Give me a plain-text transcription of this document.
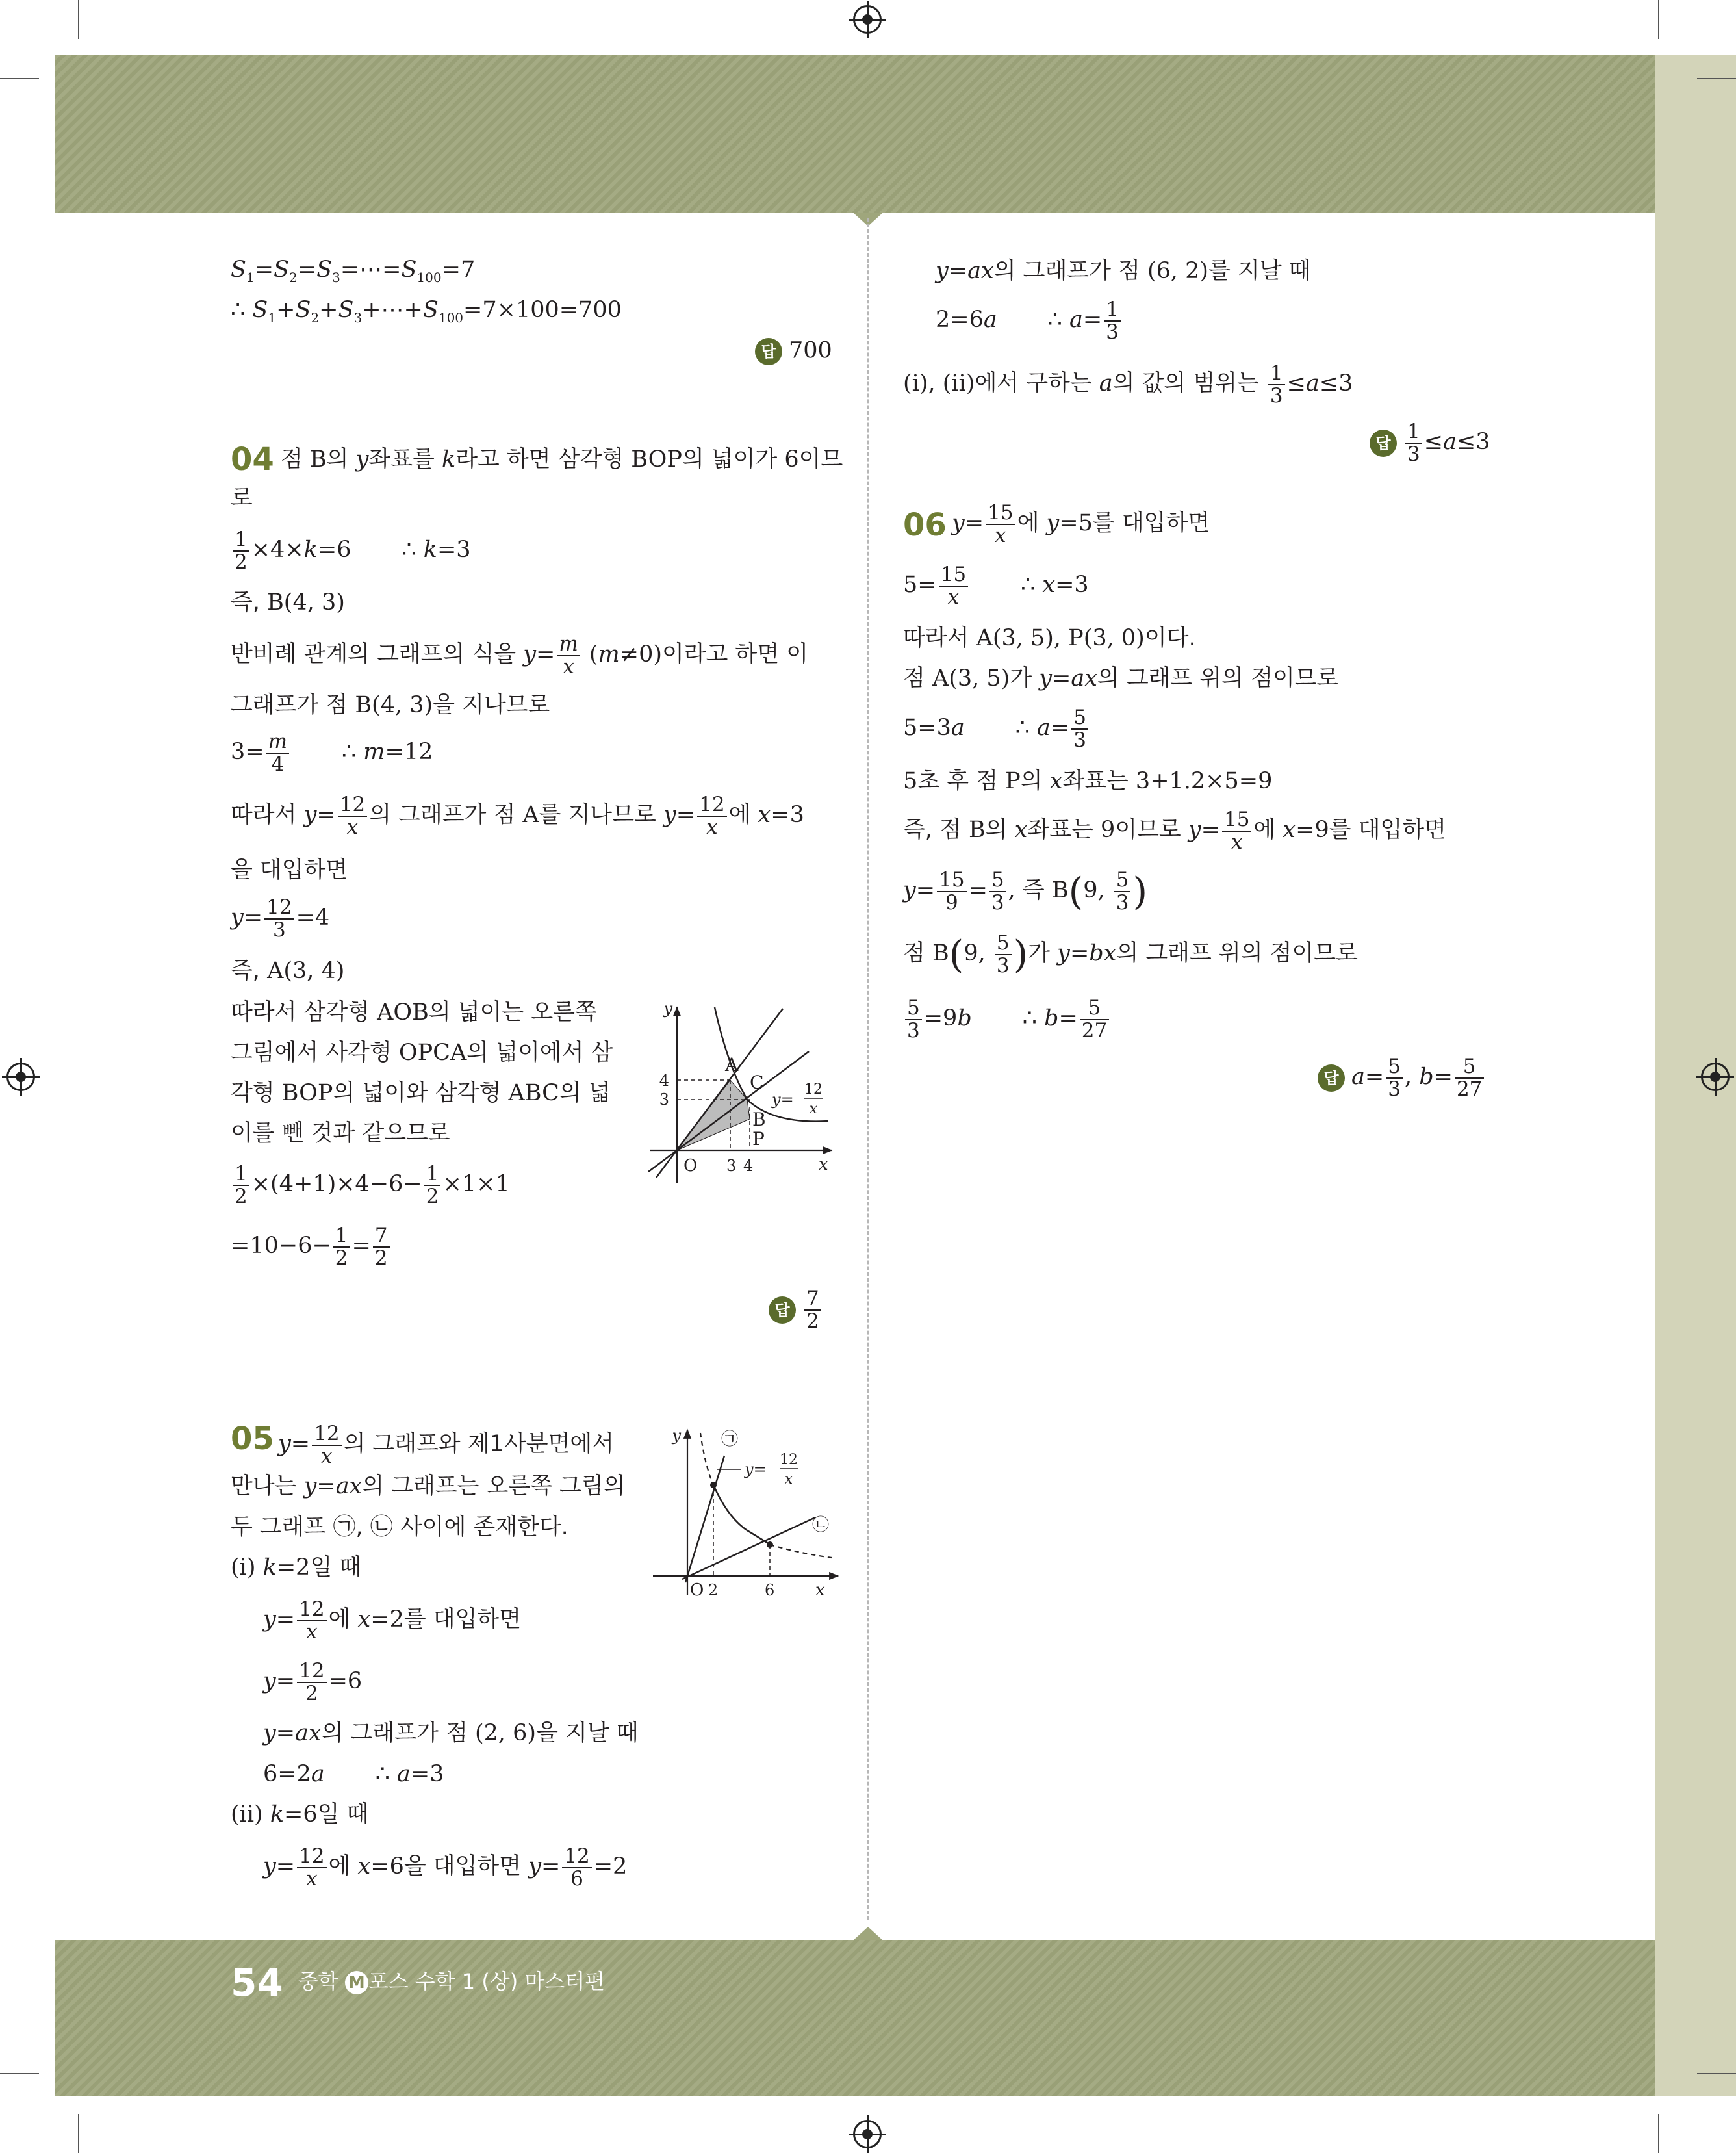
$S_1=S_2=S_3=\cdots=S_{100}=7$
∴ $S_1+S_2+S_3+\cdots+S_{100}=7\times 100=700$
답 700
04 점 B의 y좌표를 k라고 하면 삼각형 BOP의 넓이가 6이므
로
$\frac{1}{2} \times 4\times k=6$       ∴ k=3
즉, B(4, 3)
반비례 관계의 그래프의 식을 $y= \frac{m}{x} (m\ne 0)$이라고 하면 이
그래프가 점 B(4, 3)을 지나므로
$3= \frac{m}{4}$ ∴ m=12
따라서 $y= \frac{12}{x}$ 의 그래프가 점 A를 지나므로 $y= \frac{12}{x}$ 에 x=3
을 대입하면
$y= \frac{12}{3} =4$
즉, A(3, 4)
따라서 삼각형 AOB의 넓이는 오른쪽
그림에서 사각형 OPCA의 넓이에서 삼
각형 BOP의 넓이와 삼각형 ABC의 넓
이를 뺀 것과 같으므로
$\frac{1}{2} \times(4+1)\times 4-6- \frac{1}{2} \times 1\times 1$
$=10-6- \frac{1}{2} = \frac{7}{2}$
답 $\frac{7}{2}$
y
x
O
4
3
3 4
A
C
B
P
y=
12
x
05 $y= \frac{12}{x}$ 의 그래프와 제1사분면에서
만나는 y=ax의 그래프는 오른쪽 그림의
두 그래프 ㉠, ㉡ 사이에 존재한다.
(ⅰ) k=2일 때
$y= \frac{12}{x}$ 에 x=2를 대입하면
$y= \frac{12}{2} =6$
y=ax의 그래프가 점 (2, 6)을 지날 때
6=2a       ∴ a=3
(ⅱ) k=6일 때
$y= \frac{12}{x}$ 에 x=6을 대입하면 $y= \frac{12}{6} =2$
y
x
O 2	6
㉠
㉡
y=
12
x
y=ax의 그래프가 점 (6, 2)를 지날 때
2=6a       ∴ $a= \frac{1}{3}$
(ⅰ), (ⅱ)에서 구하는 a의 값의 범위는 $\frac{1}{3} \le a\le 3$
답 $\frac{1}{3} \le a\le 3$
06 $y= \frac{15}{x}$ 에 y=5를 대입하면
$5= \frac{15}{x}$ ∴ x=3
따라서 A(3, 5), P(3, 0)이다.
점 A(3, 5)가 y=ax의 그래프 위의 점이므로
5=3a       ∴ $a= \frac{5}{3}$
5초 후 점 P의 x좌표는 3+1.2×5=9
즉, 점 B의 x좌표는 9이므로 $y= \frac{15}{x}$ 에 x=9를 대입하면
$y= \frac{15}{9} = \frac{5}{3}$ , 즉 B(9, $\frac{5}{3}$ )
점 B(9, $\frac{5}{3}$ )가 y=bx의 그래프 위의 점이므로
$\frac{5}{3} =9b$       ∴ $b= \frac{5}{27}$
답 $a= \frac{5}{3}$ , $b= \frac{5}{27}$
54 중학 M 포스 수학 1 (상) 마스터편
